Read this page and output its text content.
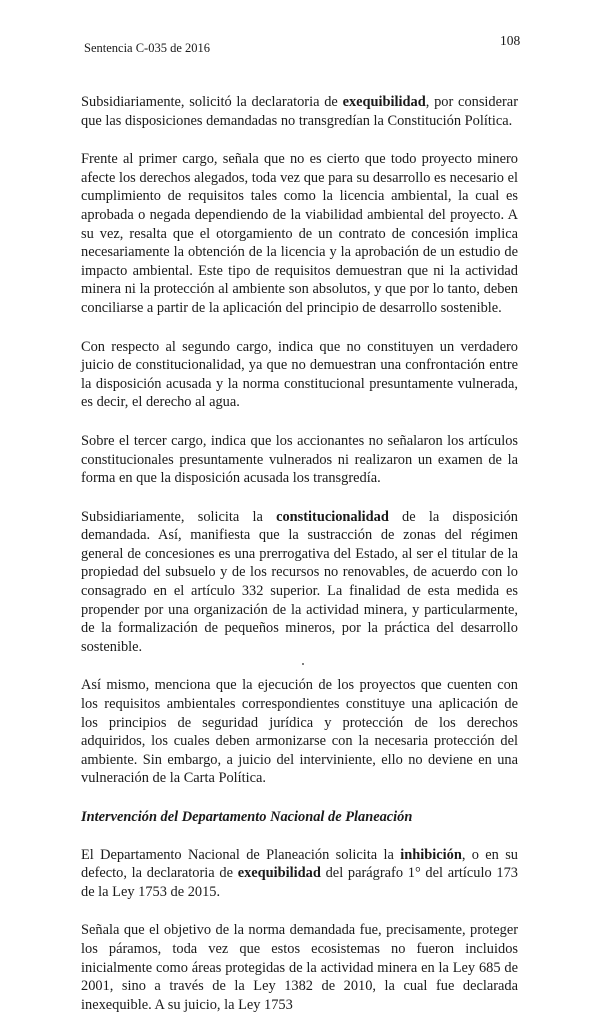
Sentencia C-035 de 2016	108

Subsidiariamente, solicitó la declaratoria de exequibilidad, por considerar que las disposiciones demandadas no transgredían la Constitución Política.

Frente al primer cargo, señala que no es cierto que todo proyecto minero afecte los derechos alegados, toda vez que para su desarrollo es necesario el cumplimiento de requisitos tales como la licencia ambiental, la cual es aprobada o negada dependiendo de la viabilidad ambiental del proyecto. A su vez, resalta que el otorgamiento de un contrato de concesión implica necesariamente la obtención de la licencia y la aprobación de un estudio de impacto ambiental. Este tipo de requisitos demuestran que ni la actividad minera ni la protección al ambiente son absolutos, y que por lo tanto, deben conciliarse a partir de la aplicación del principio de desarrollo sostenible.

Con respecto al segundo cargo, indica que no constituyen un verdadero juicio de constitucionalidad, ya que no demuestran una confrontación entre la disposición acusada y la norma constitucional presuntamente vulnerada, es decir, el derecho al agua.

Sobre el tercer cargo, indica que los accionantes no señalaron los artículos constitucionales presuntamente vulnerados ni realizaron un examen de la forma en que la disposición acusada los transgredía.

Subsidiariamente, solicita la constitucionalidad de la disposición demandada. Así, manifiesta que la sustracción de zonas del régimen general de concesiones es una prerrogativa del Estado, al ser el titular de la propiedad del subsuelo y de los recursos no renovables, de acuerdo con lo consagrado en el artículo 332 superior. La finalidad de esta medida es propender por una organización de la actividad minera, y particularmente, de la formalización de pequeños mineros, por la práctica del desarrollo sostenible.

Así mismo, menciona que la ejecución de los proyectos que cuenten con los requisitos ambientales correspondientes constituye una aplicación de los principios de seguridad jurídica y protección de los derechos adquiridos, los cuales deben armonizarse con la necesaria protección del ambiente. Sin embargo, a juicio del interviniente, ello no deviene en una vulneración de la Carta Política.

Intervención del Departamento Nacional de Planeación

El Departamento Nacional de Planeación solicita la inhibición, o en su defecto, la declaratoria de exequibilidad del parágrafo 1° del artículo 173 de la Ley 1753 de 2015.

Señala que el objetivo de la norma demandada fue, precisamente, proteger los páramos, toda vez que estos ecosistemas no fueron incluidos inicialmente como áreas protegidas de la actividad minera en la Ley 685 de 2001, sino a través de la Ley 1382 de 2010, la cual fue declarada inexequible. A su juicio, la Ley 1753
